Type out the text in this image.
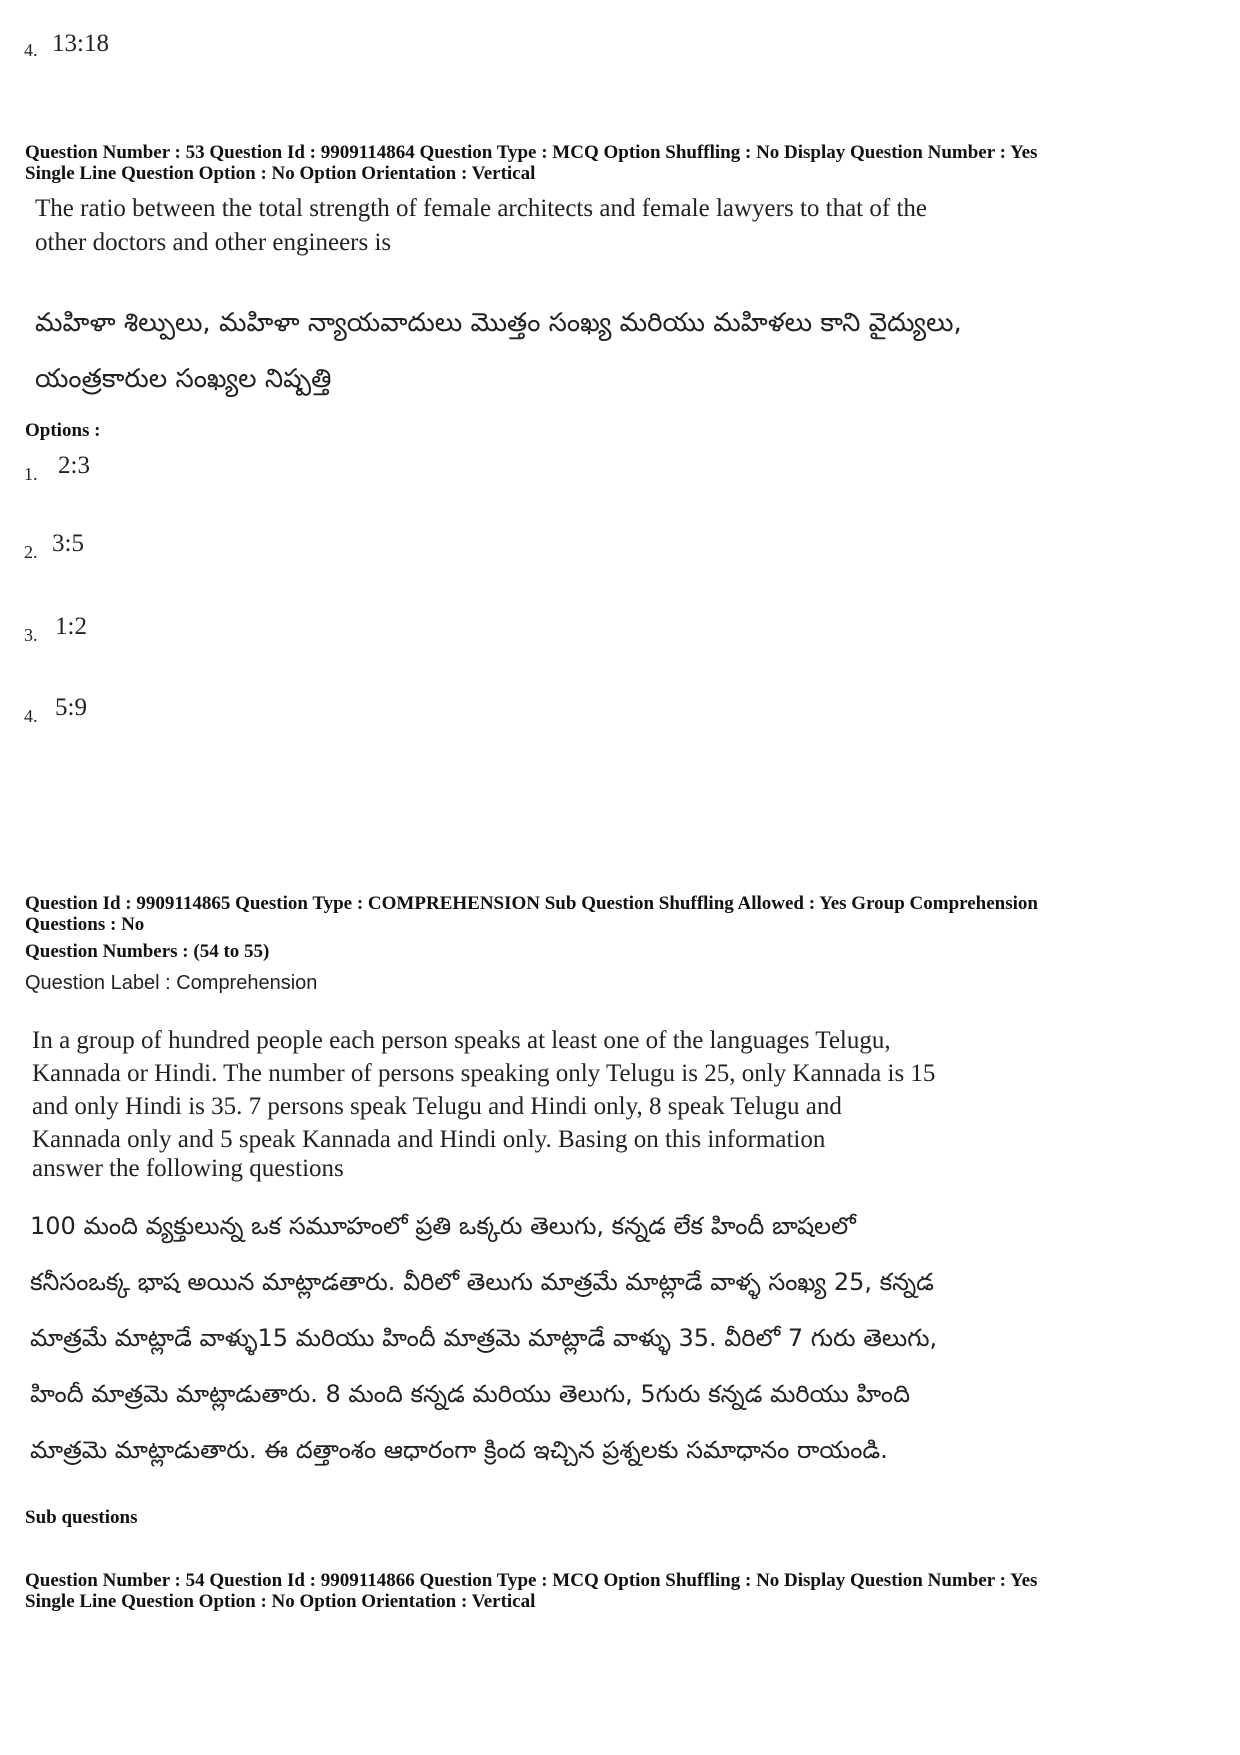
4. 13:18
Question Number : 53 Question Id : 9909114864 Question Type : MCQ Option Shuffling : No Display Question Number : Yes
Single Line Question Option : No Option Orientation : Vertical
The ratio between the total strength of female architects and female lawyers to that of the
other doctors and other engineers is
మహిళా శిల్పులు, మహిళా న్యాయవాదులు మొత్తం సంఖ్య మరియు మహిళలు కాని వైద్యులు,
యంత్రకారుల సంఖ్యల నిష్పత్తి
Options :
1. 2:3
2. 3:5
3. 1:2
4. 5:9
Question Id : 9909114865 Question Type : COMPREHENSION Sub Question Shuffling Allowed : Yes Group Comprehension
Questions : No
Question Numbers : (54 to 55)
Question Label : Comprehension
In a group of hundred people each person speaks at least one of the languages Telugu,
Kannada or Hindi. The number of persons speaking only Telugu is 25, only Kannada is 15
and only Hindi is 35. 7 persons speak Telugu and Hindi only, 8 speak Telugu and
Kannada only and 5 speak Kannada and Hindi only. Basing on this information
answer the following questions
100 మంది వ్యక్తులున్న ఒక సమూహంలో ప్రతి ఒక్కరు తెలుగు, కన్నడ లేక హిందీ బాషలలో
కనీసంఒక్క భాష అయిన మాట్లాడతారు. వీరిలో తెలుగు మాత్రమే మాట్లాడే వాళ్ళ సంఖ్య 25, కన్నడ
మాత్రమే మాట్లాడే వాళ్ళు15 మరియు హిందీ మాత్రమె మాట్లాడే వాళ్ళు 35. వీరిలో 7 గురు తెలుగు,
హిందీ మాత్రమె మాట్లాడుతారు. 8 మంది కన్నడ మరియు తెలుగు, 5గురు కన్నడ మరియు హింది
మాత్రమె మాట్లాడుతారు. ఈ దత్తాంశం ఆధారంగా క్రింద ఇచ్చిన ప్రశ్నలకు సమాధానం రాయండి.
Sub questions
Question Number : 54 Question Id : 9909114866 Question Type : MCQ Option Shuffling : No Display Question Number : Yes
Single Line Question Option : No Option Orientation : Vertical
